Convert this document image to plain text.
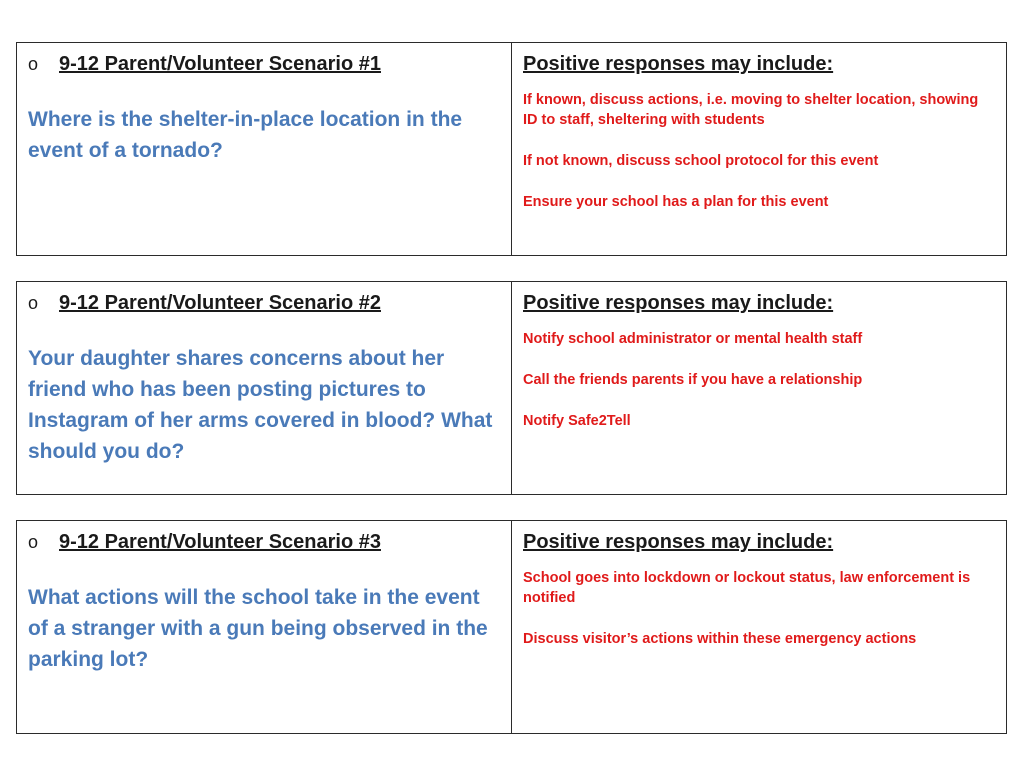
o	9-12 Parent/Volunteer Scenario #1
Where is the shelter-in-place location in the event of a tornado?
Positive responses may include:
If known, discuss actions, i.e. moving to shelter location, showing ID to staff, sheltering with students
If not known, discuss school protocol for this event
Ensure your school has a plan for this event
o	9-12 Parent/Volunteer Scenario #2
Your daughter shares concerns about her friend who has been posting pictures to Instagram of her arms covered in blood? What should you do?
Positive responses may include:
Notify school administrator or mental health staff
Call the friends parents if you have a relationship
Notify Safe2Tell
o	9-12 Parent/Volunteer Scenario #3
What actions will the school take in the event of a stranger with a gun being observed in the parking lot?
Positive responses may include:
School goes into lockdown or lockout status, law enforcement is notified
Discuss visitor’s actions within these emergency actions
